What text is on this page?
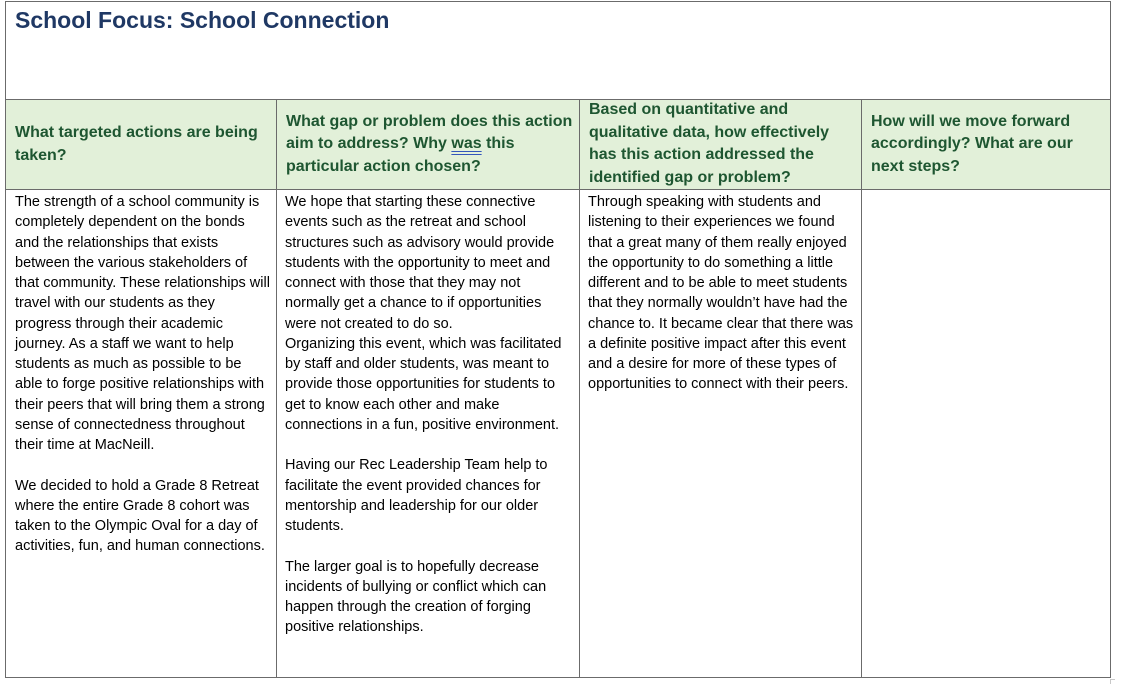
School Focus: School Connection
What targeted actions are being taken?
What gap or problem does this action aim to address? Why was this particular action chosen?
Based on quantitative and qualitative data, how effectively has this action addressed the identified gap or problem?
How will we move forward accordingly? What are our next steps?
The strength of a school community is completely dependent on the bonds and the relationships that exists between the various stakeholders of that community. These relationships will travel with our students as they progress through their academic journey. As a staff we want to help students as much as possible to be able to forge positive relationships with their peers that will bring them a strong sense of connectedness throughout their time at MacNeill.

We decided to hold a Grade 8 Retreat where the entire Grade 8 cohort was taken to the Olympic Oval for a day of activities, fun, and human connections.
We hope that starting these connective events such as the retreat and school structures such as advisory would provide students with the opportunity to meet and connect with those that they may not normally get a chance to if opportunities were not created to do so.
Organizing this event, which was facilitated by staff and older students, was meant to provide those opportunities for students to get to know each other and make connections in a fun, positive environment.

Having our Rec Leadership Team help to facilitate the event provided chances for mentorship and leadership for our older students.

The larger goal is to hopefully decrease incidents of bullying or conflict which can happen through the creation of forging positive relationships.
Through speaking with students and listening to their experiences we found that a great many of them really enjoyed the opportunity to do something a little different and to be able to meet students that they normally wouldn’t have had the chance to. It became clear that there was a definite positive impact after this event and a desire for more of these types of opportunities to connect with their peers.
